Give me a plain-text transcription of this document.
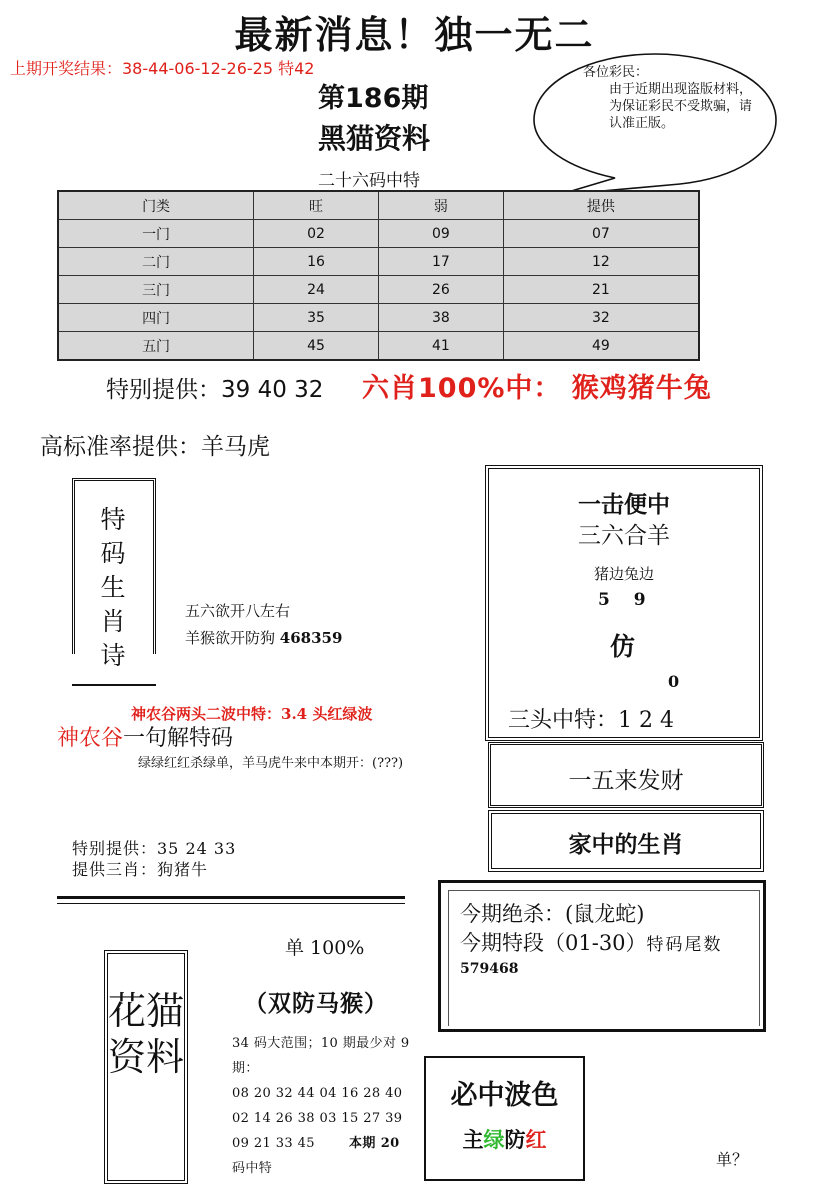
最新消息！独一无二
上期开奖结果：38-44-06-12-26-25 特42
第186期
黑猫资料
二十六码中特
各位彩民：
由于近期出现盗版材料，为保证彩民不受欺骗，请认准正版。
门类	旺	弱	提供
一门	02	09	07
二门	16	17	12
三门	24	26	21
四门	35	38	32
五门	45	41	49
特别提供：39 40 32 六肖100%中： 猴鸡猪牛兔
高标准率提供：羊马虎
特码生肖诗
五六欲开八左右
羊猴欲开防狗 468359
神农谷两头二波中特：3.4 头红绿波
神农谷一句解特码
绿绿红红杀绿单，羊马虎牛来中本期开：(???)
特别提供：35 24 33
提供三肖：狗猪牛
一击便中
三六合羊
猪边兔边
5 9
仿
0
三头中特：1 2 4
一五来发财
家中的生肖
今期绝杀：(鼠龙蛇)
今期特段（01-30）特码尾数
579468
花猫资料
单 100%
（双防马猴）
34 码大范围；10 期最少对 9 期：
08 20 32 44 04 16 28 40
02 14 26 38 03 15 27 39
09 21 33 45	本期 20
码中特
必中波色
主绿防红
单？
